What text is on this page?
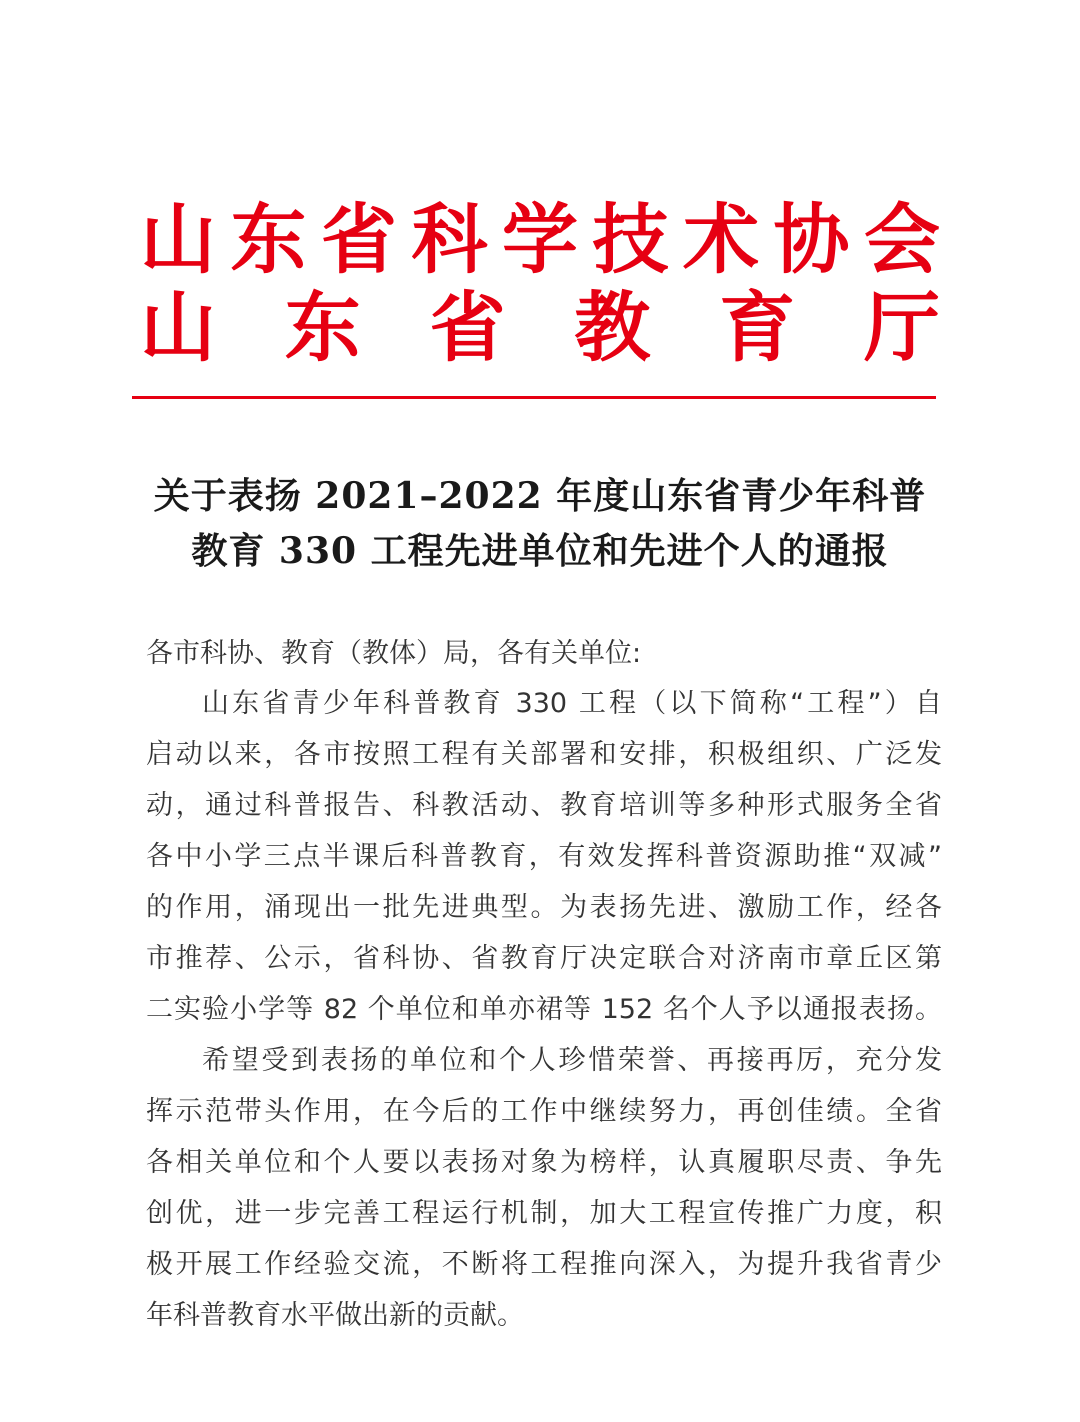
山 东 省 科 学 技 术 协 会
山 东 省 教 育 厅
关于表扬 2021–2022 年度山东省青少年科普
教育 330 工程先进单位和先进个人的通报
各市科协、教育（教体）局，各有关单位:
山东省青少年科普教育 330 工程（以下简称“工程”）自
启动以来，各市按照工程有关部署和安排，积极组织、广泛发
动，通过科普报告、科教活动、教育培训等多种形式服务全省
各中小学三点半课后科普教育，有效发挥科普资源助推“双减”
的作用，涌现出一批先进典型。为表扬先进、激励工作，经各
市推荐、公示，省科协、省教育厅决定联合对济南市章丘区第
二实验小学等 82 个单位和单亦裙等 152 名个人予以通报表扬。
希望受到表扬的单位和个人珍惜荣誉、再接再厉，充分发
挥示范带头作用，在今后的工作中继续努力，再创佳绩。全省
各相关单位和个人要以表扬对象为榜样，认真履职尽责、争先
创优，进一步完善工程运行机制，加大工程宣传推广力度，积
极开展工作经验交流，不断将工程推向深入，为提升我省青少
年科普教育水平做出新的贡献。
